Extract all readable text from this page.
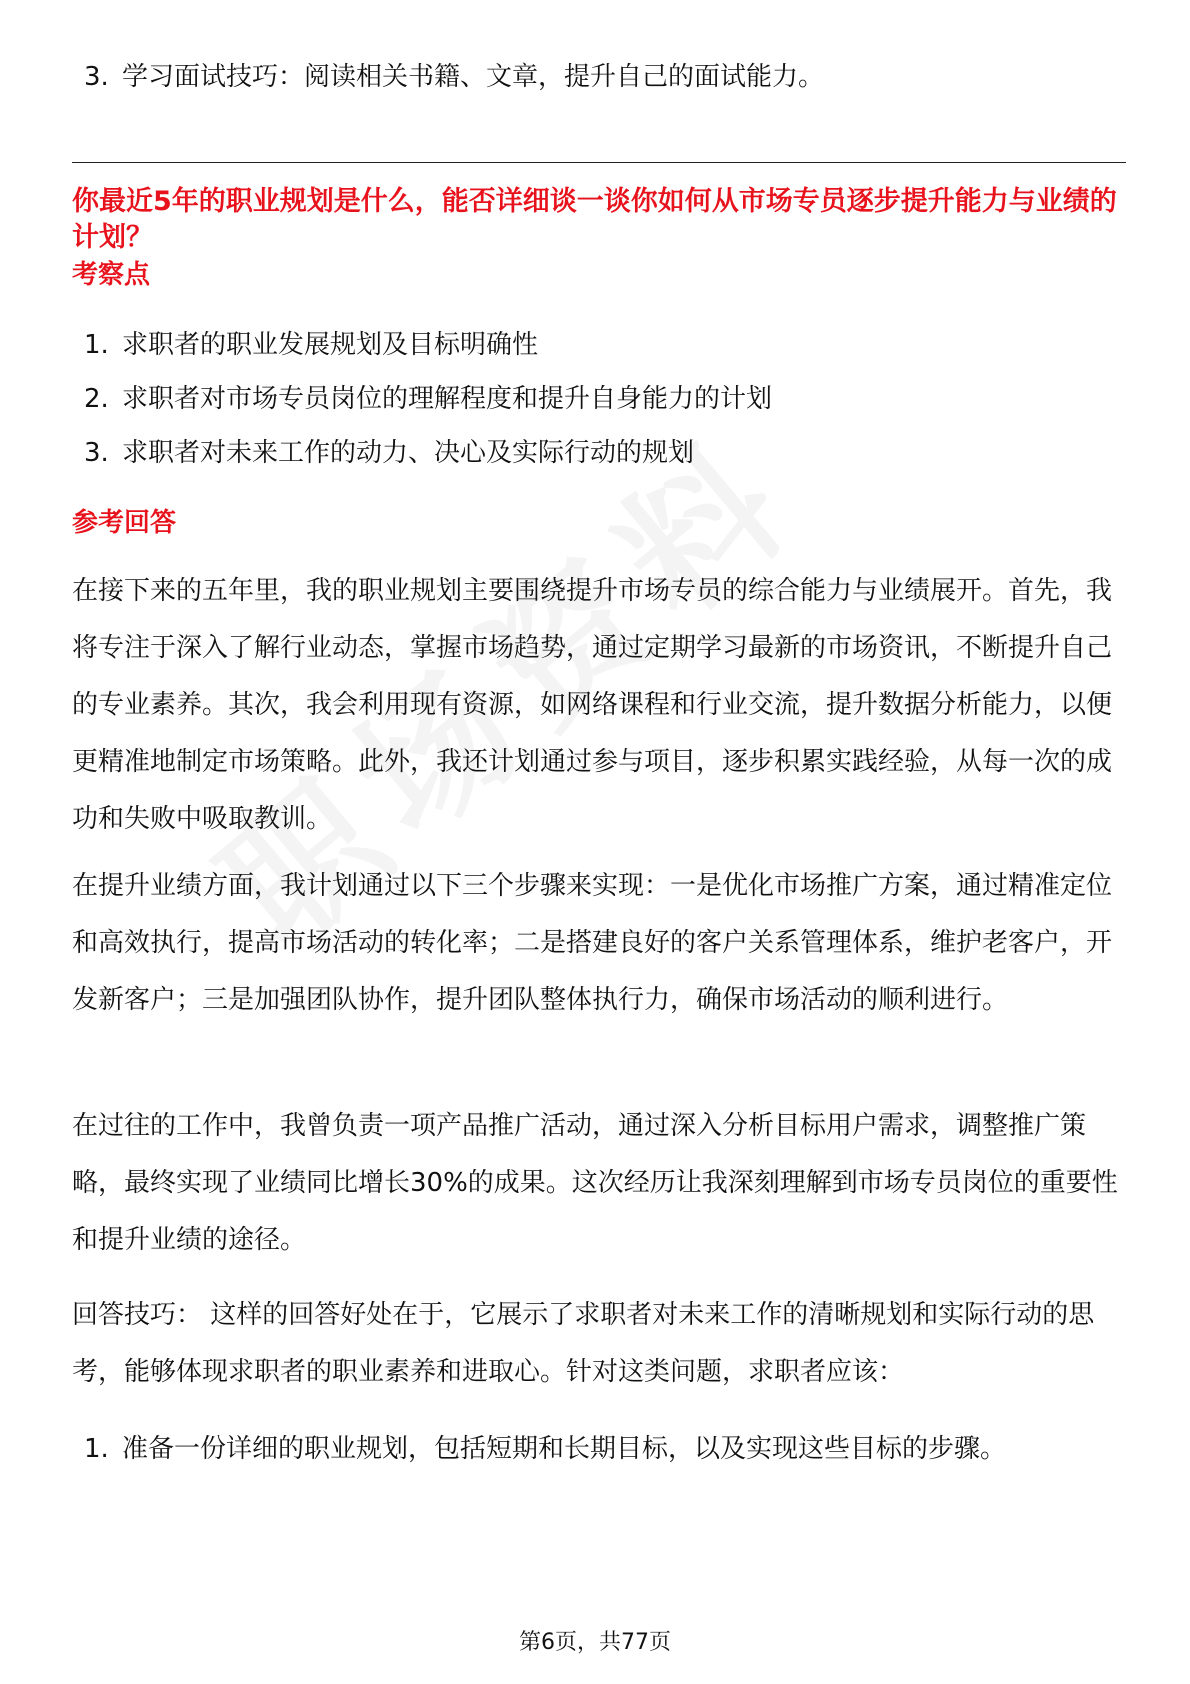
3. 学习面试技巧：阅读相关书籍、文章，提升自己的面试能力。
你最近5年的职业规划是什么，能否详细谈一谈你如何从市场专员逐步提升能力与业绩的计划？
考察点
1. 求职者的职业发展规划及目标明确性
2. 求职者对市场专员岗位的理解程度和提升自身能力的计划
3. 求职者对未来工作的动力、决心及实际行动的规划
参考回答
在接下来的五年里，我的职业规划主要围绕提升市场专员的综合能力与业绩展开。首先，我将专注于深入了解行业动态，掌握市场趋势，通过定期学习最新的市场资讯，不断提升自己的专业素养。其次，我会利用现有资源，如网络课程和行业交流，提升数据分析能力，以便更精准地制定市场策略。此外，我还计划通过参与项目，逐步积累实践经验，从每一次的成功和失败中吸取教训。
在提升业绩方面，我计划通过以下三个步骤来实现：一是优化市场推广方案，通过精准定位和高效执行，提高市场活动的转化率；二是搭建良好的客户关系管理体系，维护老客户，开发新客户；三是加强团队协作，提升团队整体执行力，确保市场活动的顺利进行。
在过往的工作中，我曾负责一项产品推广活动，通过深入分析目标用户需求，调整推广策略，最终实现了业绩同比增长30%的成果。这次经历让我深刻理解到市场专员岗位的重要性和提升业绩的途径。
回答技巧： 这样的回答好处在于，它展示了求职者对未来工作的清晰规划和实际行动的思考，能够体现求职者的职业素养和进取心。针对这类问题，求职者应该：
1. 准备一份详细的职业规划，包括短期和长期目标，以及实现这些目标的步骤。
第6页，共77页
